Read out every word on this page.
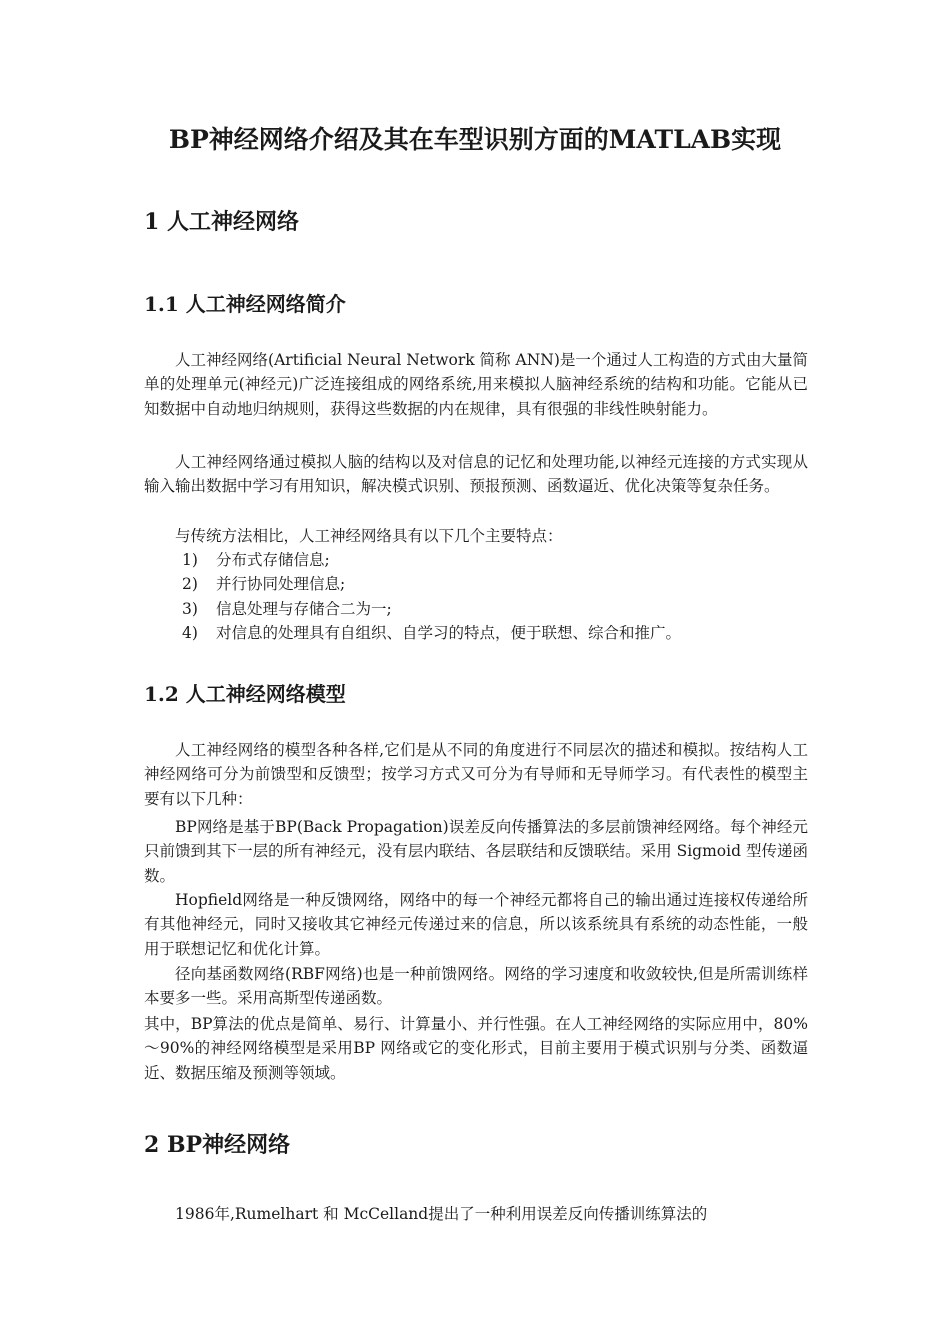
BP神经网络介绍及其在车型识别方面的MATLAB实现
1 人工神经网络
1.1 人工神经网络简介

人工神经网络(Artificial Neural Network 简称 ANN)是一个通过人工构造的方式由大量简单的处理单元(神经元)广泛连接组成的网络系统,用来模拟人脑神经系统的结构和功能。它能从已知数据中自动地归纳规则，获得这些数据的内在规律，具有很强的非线性映射能力。

人工神经网络通过模拟人脑的结构以及对信息的记忆和处理功能,以神经元连接的方式实现从输入输出数据中学习有用知识，解决模式识别、预报预测、函数逼近、优化决策等复杂任务。

与传统方法相比，人工神经网络具有以下几个主要特点：

1)	分布式存储信息;
2)	并行协同处理信息;
3)	信息处理与存储合二为一;
4)	对信息的处理具有自组织、自学习的特点，便于联想、综合和推广。
1.2 人工神经网络模型

人工神经网络的模型各种各样,它们是从不同的角度进行不同层次的描述和模拟。按结构人工神经网络可分为前馈型和反馈型；按学习方式又可分为有导师和无导师学习。有代表性的模型主要有以下几种：

BP网络是基于BP(Back Propagation)误差反向传播算法的多层前馈神经网络。每个神经元只前馈到其下一层的所有神经元，没有层内联结、各层联结和反馈联结。采用 Sigmoid 型传递函数。

Hopfield网络是一种反馈网络，网络中的每一个神经元都将自己的输出通过连接权传递给所有其他神经元，同时又接收其它神经元传递过来的信息，所以该系统具有系统的动态性能，一般用于联想记忆和优化计算。

径向基函数网络(RBF网络)也是一种前馈网络。网络的学习速度和收敛较快,但是所需训练样本要多一些。采用高斯型传递函数。

其中，BP算法的优点是简单、易行、计算量小、并行性强。在人工神经网络的实际应用中，80%～90%的神经网络模型是采用BP 网络或它的变化形式，目前主要用于模式识别与分类、函数逼近、数据压缩及预测等领域。

2 BP神经网络

1986年,Rumelhart 和 McCelland提出了一种利用误差反向传播训练算法的
